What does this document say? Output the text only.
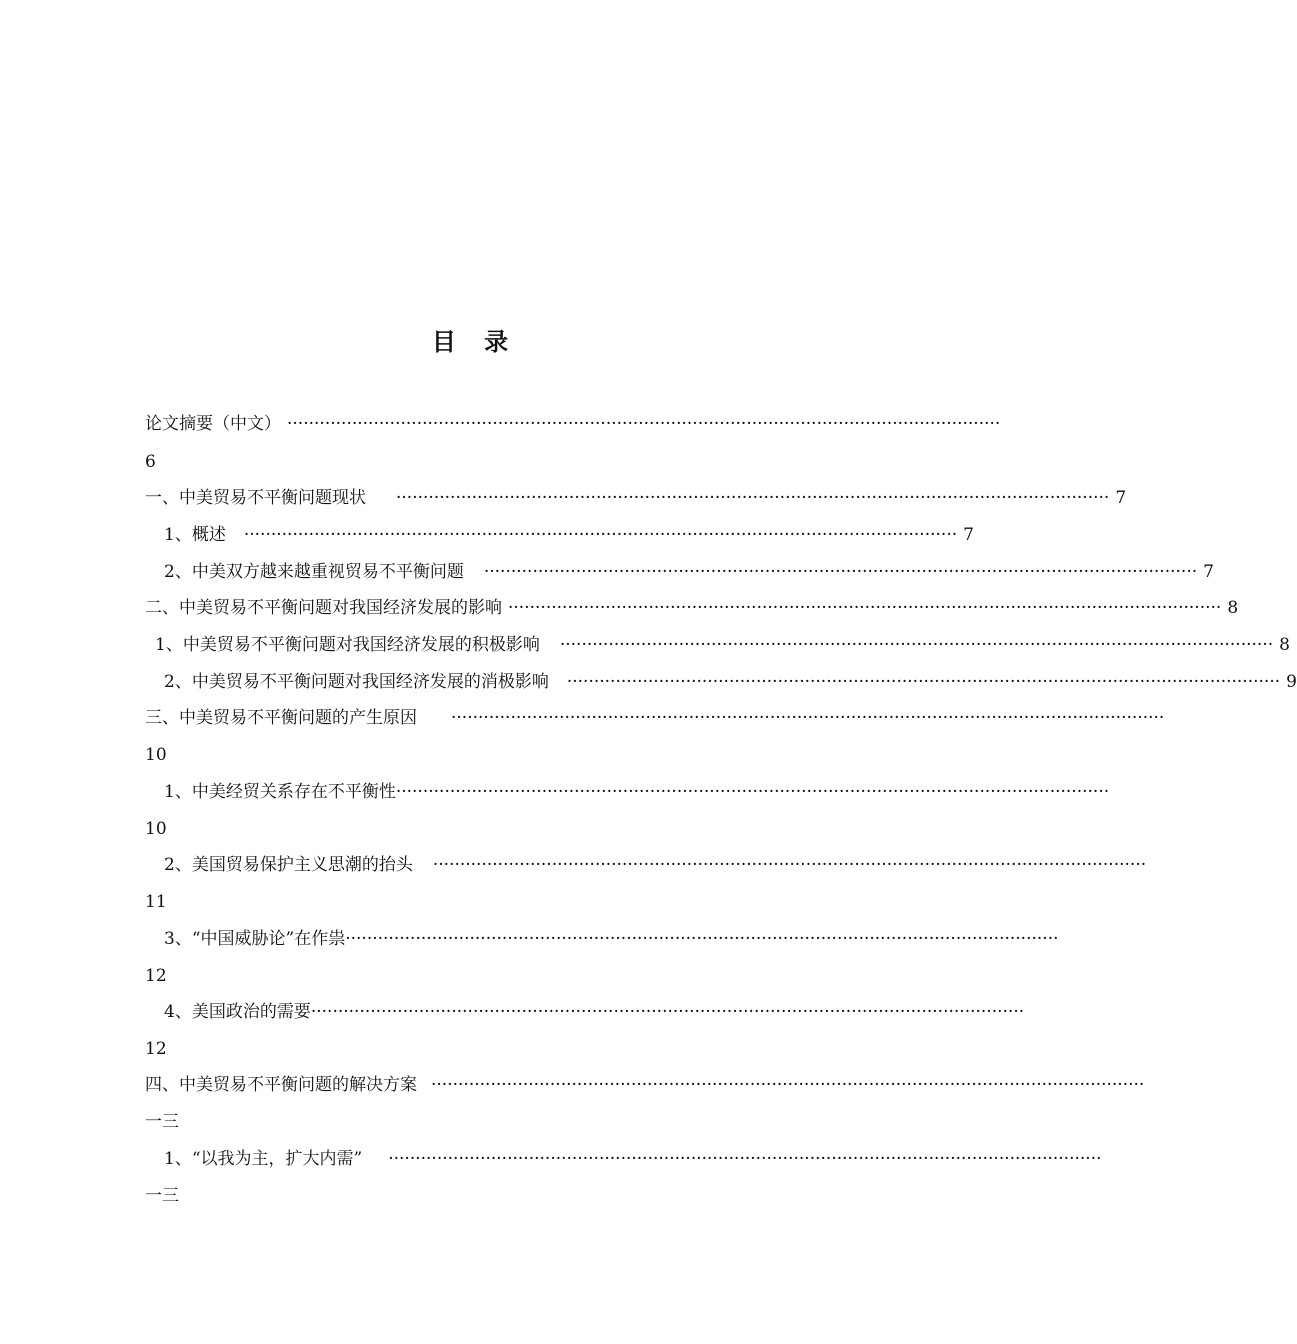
目 录
论文摘要（中文） ····································································································································
6
一、中美贸易不平衡问题现状 ···································································································································· 7
1、概述 ···································································································································· 7
2、中美双方越来越重视贸易不平衡问题 ···································································································································· 7
二、中美贸易不平衡问题对我国经济发展的影响 ···································································································································· 8
1、中美贸易不平衡问题对我国经济发展的积极影响 ···································································································································· 8
2、中美贸易不平衡问题对我国经济发展的消极影响 ···································································································································· 9
三、中美贸易不平衡问题的产生原因 ····································································································································
10
1、中美经贸关系存在不平衡性 ····································································································································
10
2、美国贸易保护主义思潮的抬头 ····································································································································
11
3、“中国威胁论”在作祟 ····································································································································
12
4、美国政治的需要 ····································································································································
12
四、中美贸易不平衡问题的解决方案 ····································································································································
一三
1、“以我为主，扩大内需” ····································································································································
一三
